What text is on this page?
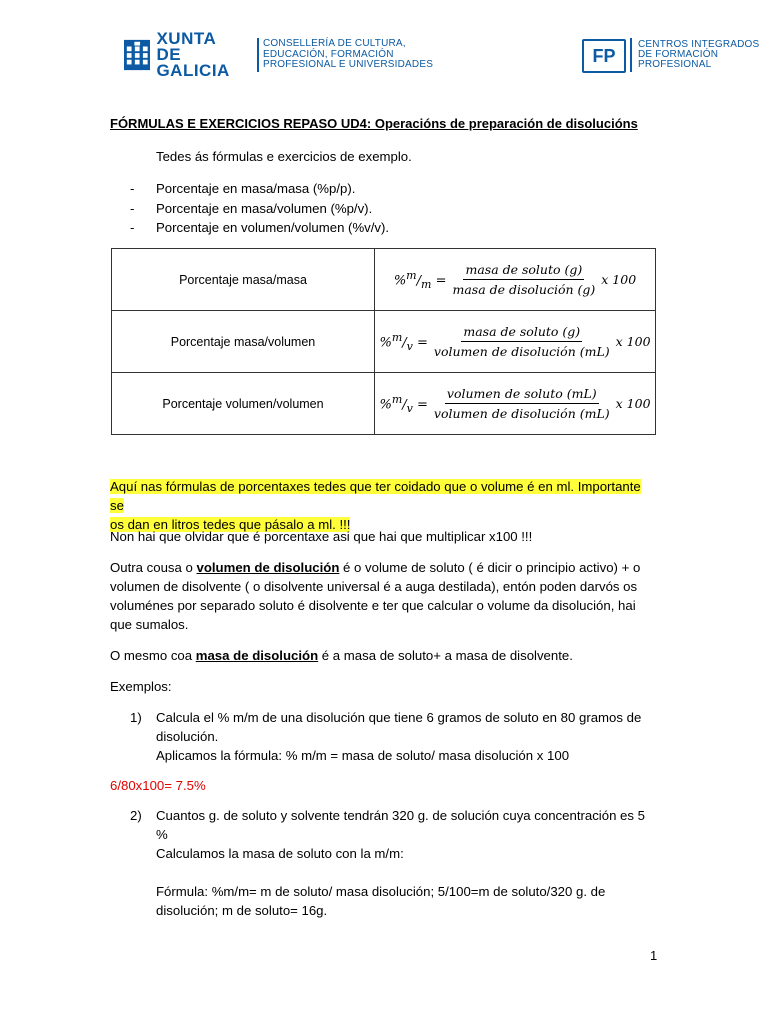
XUNTA
DE GALICIA
CONSELLERÍA DE CULTURA,
EDUCACIÓN, FORMACIÓN
PROFESIONAL E UNIVERSIDADES	FP
CENTROS INTEGRADOS
DE FORMACIÓN
PROFESIONAL
FÓRMULAS E EXERCICIOS REPASO UD4: Operacións de preparación de disolucións
Tedes ás fórmulas e exercicios de exemplo.
-	Porcentaje en masa/masa (%p/p).
-	Porcentaje en masa/volumen (%p/v).
-	Porcentaje en volumen/volumen (%v/v).
Porcentaje masa/masa	$\%^m/_m = \frac{\text{masa de soluto (g)}}{\text{masa de disolución (g)}}$ x 100

Porcentaje masa/volumen	$\%^m/_v = \frac{\text{masa de soluto (g)}}{\text{volumen de disolución (mL)}}$ x 100

Porcentaje volumen/volumen	$\%^m/_v = \frac{\text{volumen de soluto (mL)}}{\text{volumen de disolución (mL)}}$ x 100
Aquí nas fórmulas de porcentaxes tedes que ter coidado que o volume é en ml. Importante se
os dan en litros tedes que pásalo a ml. !!!
Non hai que olvidar que é porcentaxe asi que hai que multiplicar x100 !!!
Outra cousa o volumen de disolución é o volume de soluto ( é dicir o principio activo) + o volumen de disolvente ( o disolvente universal é a auga destilada), entón poden darvós os voluménes por separado soluto é disolvente e ter que calcular o volume da disolución, hai que sumalos.
O mesmo coa masa de disolución é a masa de soluto+ a masa de disolvente.
Exemplos:
1) Calcula el % m/m de una disolución que tiene 6 gramos de soluto en 80 gramos de disolución.
Aplicamos la fórmula: % m/m = masa de soluto/ masa disolución x 100
6/80x100= 7.5%
2) Cuantos g. de soluto y solvente tendrán 320 g. de solución cuya concentración es 5 %
Calculamos la masa de soluto con la m/m:
Fórmula: %m/m= m de soluto/ masa disolución; 5/100=m de soluto/320 g. de disolución; m de soluto= 16g.
1
